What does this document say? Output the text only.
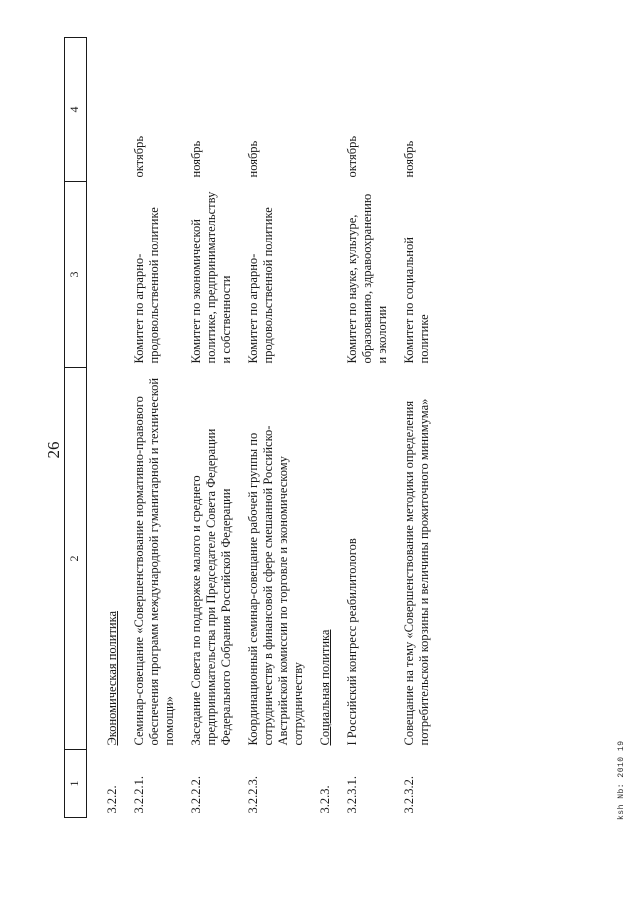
26
1	2	3	4
3.2.2.	Экономическая политика		
3.2.2.1.	Семинар-совещание «Совершенствование нормативно-правового обеспечения программ международной гуманитарной и технической помощи»	Комитет по аграрно-продовольственной политике	октябрь
3.2.2.2.	Заседание Совета по поддержке малого и среднего предпринимательства при Председателе Совета Федерации Федерального Собрания Российской Федерации	Комитет по экономической политике, предпринимательству и собственности	ноябрь
3.2.2.3.	Координационный семинар-совещание рабочей группы по сотрудничеству в финансовой сфере смешанной Российско-Австрийской комиссии по торговле и экономическому сотрудничеству	Комитет по аграрно-продовольственной политике	ноябрь
3.2.3.	Социальная политика		
3.2.3.1.	I Российский конгресс реабилитологов	Комитет по науке, культуре, образованию, здравоохранению и экологии	октябрь
3.2.3.2.	Совещание на тему «Совершенствование методики определения потребительской корзины и величины прожиточного минимума»	Комитет по социальной политике	ноябрь
ksh Nb: 2010 19
